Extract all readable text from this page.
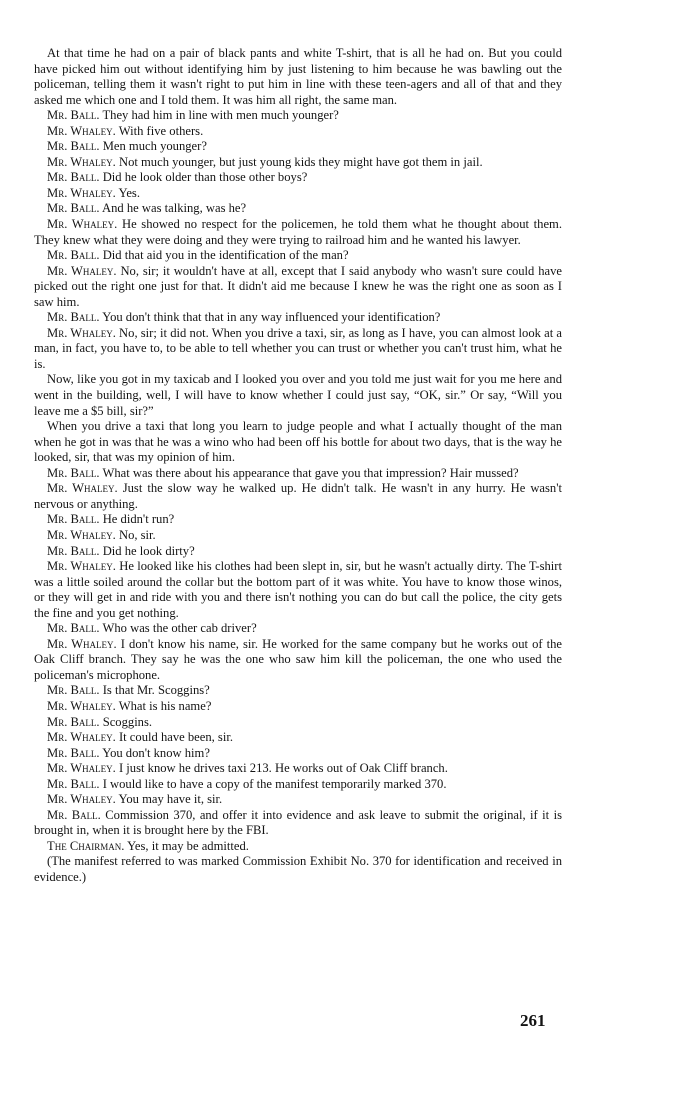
At that time he had on a pair of black pants and white T-shirt, that is all he had on. But you could have picked him out without identifying him by just listening to him because he was bawling out the policeman, telling them it wasn't right to put him in line with these teen-agers and all of that and they asked me which one and I told them. It was him all right, the same man.

Mr. Ball. They had him in line with men much younger?

Mr. Whaley. With five others.

Mr. Ball. Men much younger?

Mr. Whaley. Not much younger, but just young kids they might have got them in jail.

Mr. Ball. Did he look older than those other boys?

Mr. Whaley. Yes.

Mr. Ball. And he was talking, was he?

Mr. Whaley. He showed no respect for the policemen, he told them what he thought about them. They knew what they were doing and they were trying to railroad him and he wanted his lawyer.

Mr. Ball. Did that aid you in the identification of the man?

Mr. Whaley. No, sir; it wouldn't have at all, except that I said anybody who wasn't sure could have picked out the right one just for that. It didn't aid me because I knew he was the right one as soon as I saw him.

Mr. Ball. You don't think that that in any way influenced your identification?

Mr. Whaley. No, sir; it did not. When you drive a taxi, sir, as long as I have, you can almost look at a man, in fact, you have to, to be able to tell whether you can trust or whether you can't trust him, what he is.

Now, like you got in my taxicab and I looked you over and you told me just wait for you me here and went in the building, well, I will have to know whether I could just say, “OK, sir.” Or say, “Will you leave me a $5 bill, sir?”

When you drive a taxi that long you learn to judge people and what I actually thought of the man when he got in was that he was a wino who had been off his bottle for about two days, that is the way he looked, sir, that was my opinion of him.

Mr. Ball. What was there about his appearance that gave you that impression? Hair mussed?

Mr. Whaley. Just the slow way he walked up. He didn't talk. He wasn't in any hurry. He wasn't nervous or anything.

Mr. Ball. He didn't run?

Mr. Whaley. No, sir.

Mr. Ball. Did he look dirty?

Mr. Whaley. He looked like his clothes had been slept in, sir, but he wasn't actually dirty. The T-shirt was a little soiled around the collar but the bottom part of it was white. You have to know those winos, or they will get in and ride with you and there isn't nothing you can do but call the police, the city gets the fine and you get nothing.

Mr. Ball. Who was the other cab driver?

Mr. Whaley. I don't know his name, sir. He worked for the same company but he works out of the Oak Cliff branch. They say he was the one who saw him kill the policeman, the one who used the policeman's microphone.

Mr. Ball. Is that Mr. Scoggins?

Mr. Whaley. What is his name?

Mr. Ball. Scoggins.

Mr. Whaley. It could have been, sir.

Mr. Ball. You don't know him?

Mr. Whaley. I just know he drives taxi 213. He works out of Oak Cliff branch.

Mr. Ball. I would like to have a copy of the manifest temporarily marked 370.

Mr. Whaley. You may have it, sir.

Mr. Ball. Commission 370, and offer it into evidence and ask leave to submit the original, if it is brought in, when it is brought here by the FBI.

The Chairman. Yes, it may be admitted.

(The manifest referred to was marked Commission Exhibit No. 370 for identification and received in evidence.)

261
